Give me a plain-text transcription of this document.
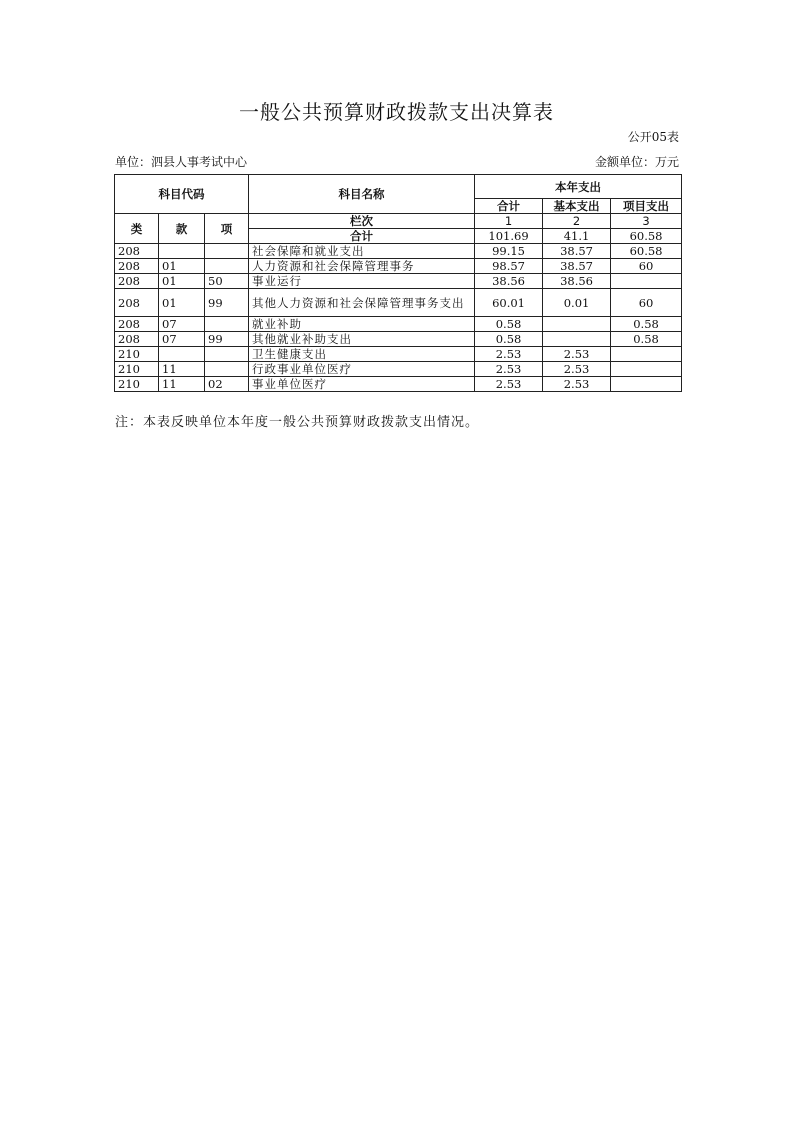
一般公共预算财政拨款支出决算表
公开05表
单位：泗县人事考试中心	金额单位：万元
科目代码			科目名称	本年支出		
				合计	基本支出	项目支出
类	款	项	栏次	1	2	3
			合计	101.69	41.1	60.58
208			社会保障和就业支出	99.15	38.57	60.58
208	01		人力资源和社会保障管理事务	98.57	38.57	60
208	01	50	事业运行	38.56	38.56	
208	01	99	其他人力资源和社会保障管理事务支出	60.01	0.01	60
208	07		就业补助	0.58		0.58
208	07	99	其他就业补助支出	0.58		0.58
210			卫生健康支出	2.53	2.53	
210	11		行政事业单位医疗	2.53	2.53	
210	11	02	事业单位医疗	2.53	2.53	
注：本表反映单位本年度一般公共预算财政拨款支出情况。
